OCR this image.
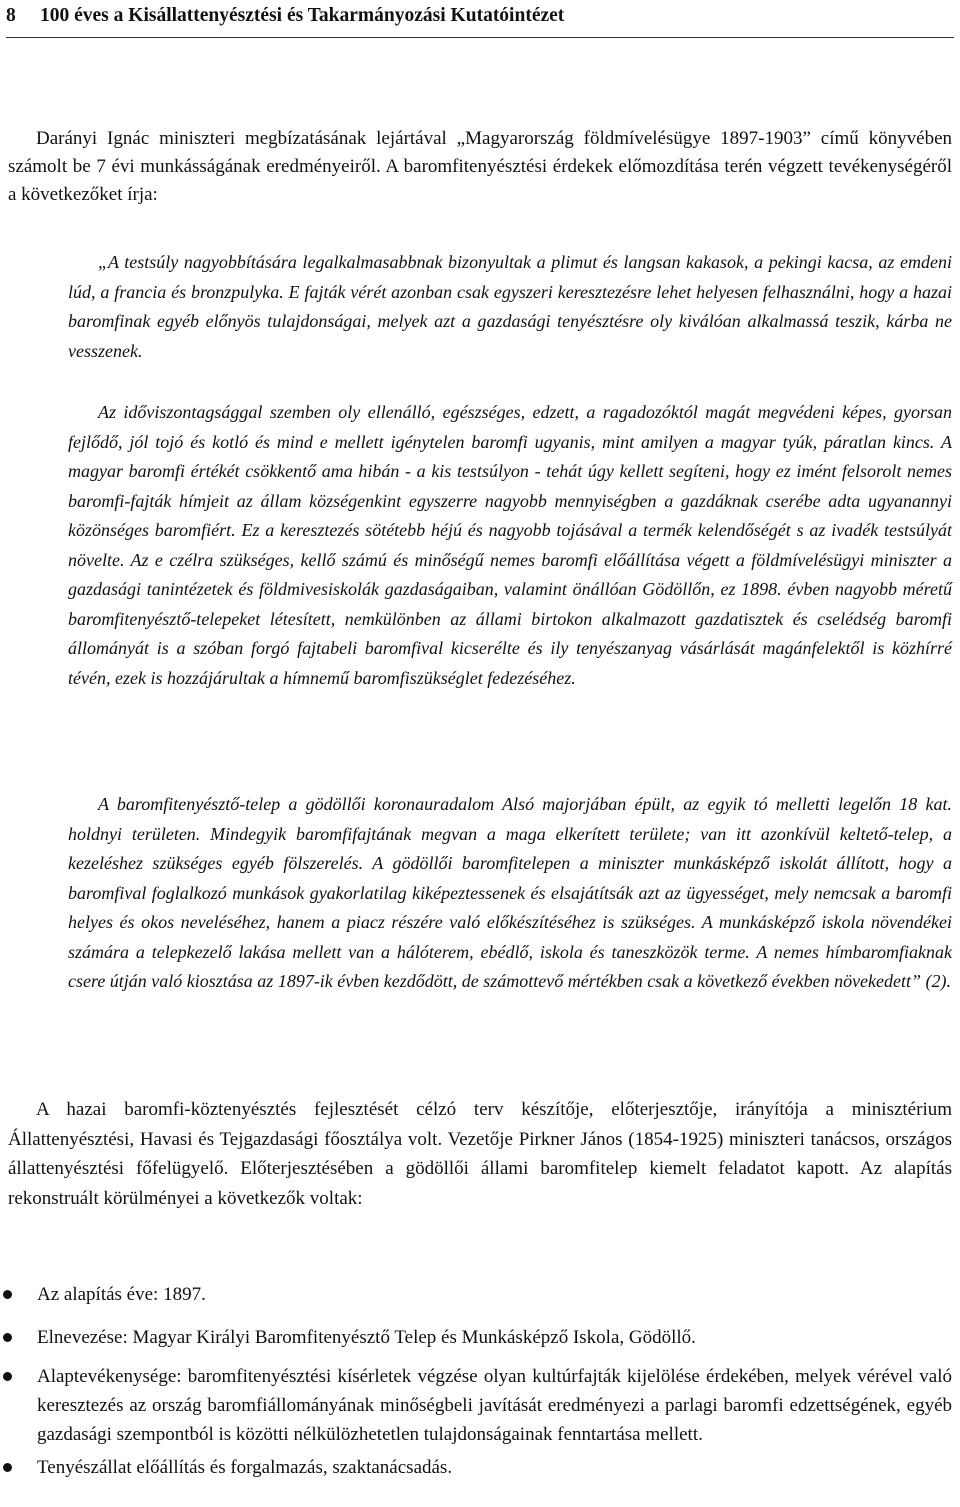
8 100 éves a Kisállattenyésztési és Takarmányozási Kutatóintézet

Darányi Ignác miniszteri megbízatásának lejártával „Magyarország földmívelésügye 1897-1903” című könyvében számolt be 7 évi munkásságának eredményeiről. A baromfitenyésztési érdekek előmozdítása terén végzett tevékenységéről a következőket írja:

„A testsúly nagyobbítására legalkalmasabbnak bizonyultak a plimut és langsan kakasok, a pekingi kacsa, az emdeni lúd, a francia és bronzpulyka. E fajták vérét azonban csak egyszeri keresztezésre lehet helyesen felhasználni, hogy a hazai baromfinak egyéb előnyös tulajdonságai, melyek azt a gazdasági tenyésztésre oly kiválóan alkalmassá teszik, kárba ne vesszenek.

Az időviszontagsággal szemben oly ellenálló, egészséges, edzett, a ragadozóktól magát megvédeni képes, gyorsan fejlődő, jól tojó és kotló és mind e mellett igénytelen baromfi ugyanis, mint amilyen a magyar tyúk, páratlan kincs. A magyar baromfi értékét csökkentő ama hibán - a kis testsúlyon - tehát úgy kellett segíteni, hogy ez imént felsorolt nemes baromfi-fajták hímjeit az állam községenkint egyszerre nagyobb mennyiségben a gazdáknak cserébe adta ugyanannyi közönséges baromfiért. Ez a keresztezés sötétebb héjú és nagyobb tojásával a termék kelendőségét s az ivadék testsúlyát növelte. Az e czélra szükséges, kellő számú és minőségű nemes baromfi előállítása végett a földmívelésügyi miniszter a gazdasági tanintézetek és földmivesiskolák gazdaságaiban, valamint önállóan Gödöllőn, ez 1898. évben nagyobb méretű baromfitenyésztő-telepeket létesített, nemkülönben az állami birtokon alkalmazott gazdatisztek és cselédség baromfi állományát is a szóban forgó fajtabeli baromfival kicserélte és ily tenyészanyag vásárlását magánfelektől is közhírré tévén, ezek is hozzájárultak a hímnemű baromfiszükséglet fedezéséhez.

A baromfitenyésztő-telep a gödöllői koronauradalom Alsó majorjában épült, az egyik tó melletti legelőn 18 kat. holdnyi területen. Mindegyik baromfifajtának megvan a maga elkerített területe; van itt azonkívül keltető-telep, a kezeléshez szükséges egyéb fölszerelés. A gödöllői baromfitelepen a miniszter munkásképző iskolát állított, hogy a baromfival foglalkozó munkások gyakorlatilag kiképeztessenek és elsajátítsák azt az ügyességet, mely nemcsak a baromfi helyes és okos neveléséhez, hanem a piacz részére való előkészítéséhez is szükséges. A munkásképző iskola növendékei számára a telepkezelő lakása mellett van a hálóterem, ebédlő, iskola és taneszközök terme. A nemes hímbaromfiaknak csere útján való kiosztása az 1897-ik évben kezdődött, de számottevő mértékben csak a következő években növekedett” (2).

A hazai baromfi-köztenyésztés fejlesztését célzó terv készítője, előterjesztője, irányítója a minisztérium Állattenyésztési, Havasi és Tejgazdasági főosztálya volt. Vezetője Pirkner János (1854-1925) miniszteri tanácsos, országos állattenyésztési főfelügyelő. Előterjesztésében a gödöllői állami baromfitelep kiemelt feladatot kapott. Az alapítás rekonstruált körülményei a következők voltak:

Az alapítás éve: 1897.
Elnevezése: Magyar Királyi Baromfitenyésztő Telep és Munkásképző Iskola, Gödöllő.
Alaptevékenysége: baromfitenyésztési kísérletek végzése olyan kultúrfajták kijelölése érdekében, melyek vérével való keresztezés az ország baromfiállományának minőségbeli javítását eredményezi a parlagi baromfi edzettségének, egyéb gazdasági szempontból is közötti nélkülözhetetlen tulajdonságainak fenntartása mellett.
Tenyészállat előállítás és forgalmazás, szaktanácsadás.
